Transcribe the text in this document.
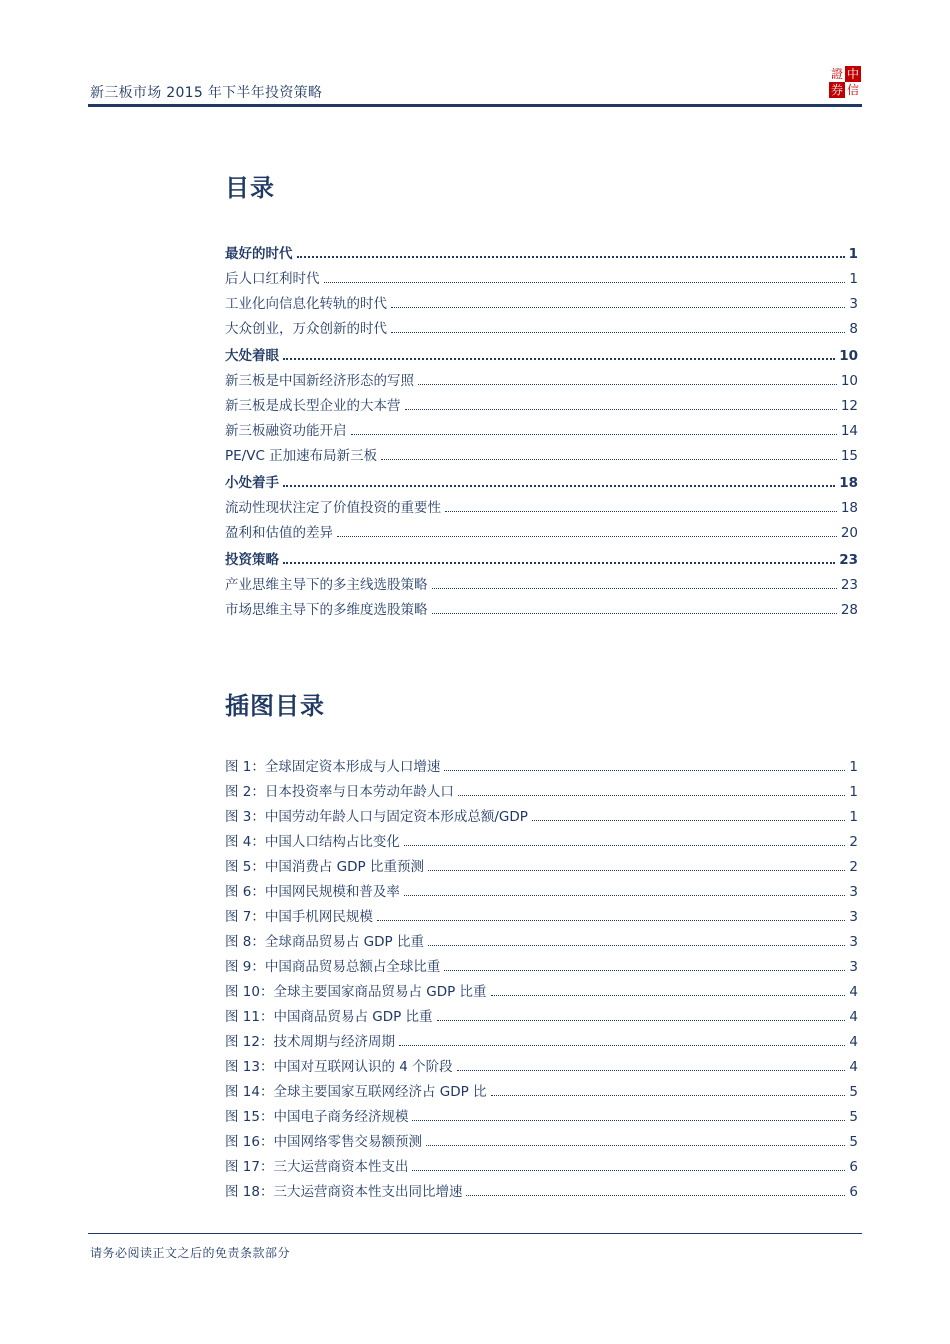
新三板市场 2015 年下半年投资策略
證 中
券 信
目录
最好的时代	1
后人口红利时代	1
工业化向信息化转轨的时代	3
大众创业，万众创新的时代	8
大处着眼	10
新三板是中国新经济形态的写照	10
新三板是成长型企业的大本营	12
新三板融资功能开启	14
PE/VC 正加速布局新三板	15
小处着手	18
流动性现状注定了价值投资的重要性	18
盈利和估值的差异	20
投资策略	23
产业思维主导下的多主线选股策略	23
市场思维主导下的多维度选股策略	28
插图目录
图 1：全球固定资本形成与人口增速	1
图 2：日本投资率与日本劳动年龄人口	1
图 3：中国劳动年龄人口与固定资本形成总额/GDP	1
图 4：中国人口结构占比变化	2
图 5：中国消费占 GDP 比重预测	2
图 6：中国网民规模和普及率	3
图 7：中国手机网民规模	3
图 8：全球商品贸易占 GDP 比重	3
图 9：中国商品贸易总额占全球比重	3
图 10：全球主要国家商品贸易占 GDP 比重	4
图 11：中国商品贸易占 GDP 比重	4
图 12：技术周期与经济周期	4
图 13：中国对互联网认识的 4 个阶段	4
图 14：全球主要国家互联网经济占 GDP 比	5
图 15：中国电子商务经济规模	5
图 16：中国网络零售交易额预测	5
图 17：三大运营商资本性支出	6
图 18：三大运营商资本性支出同比增速	6
请务必阅读正文之后的免责条款部分
